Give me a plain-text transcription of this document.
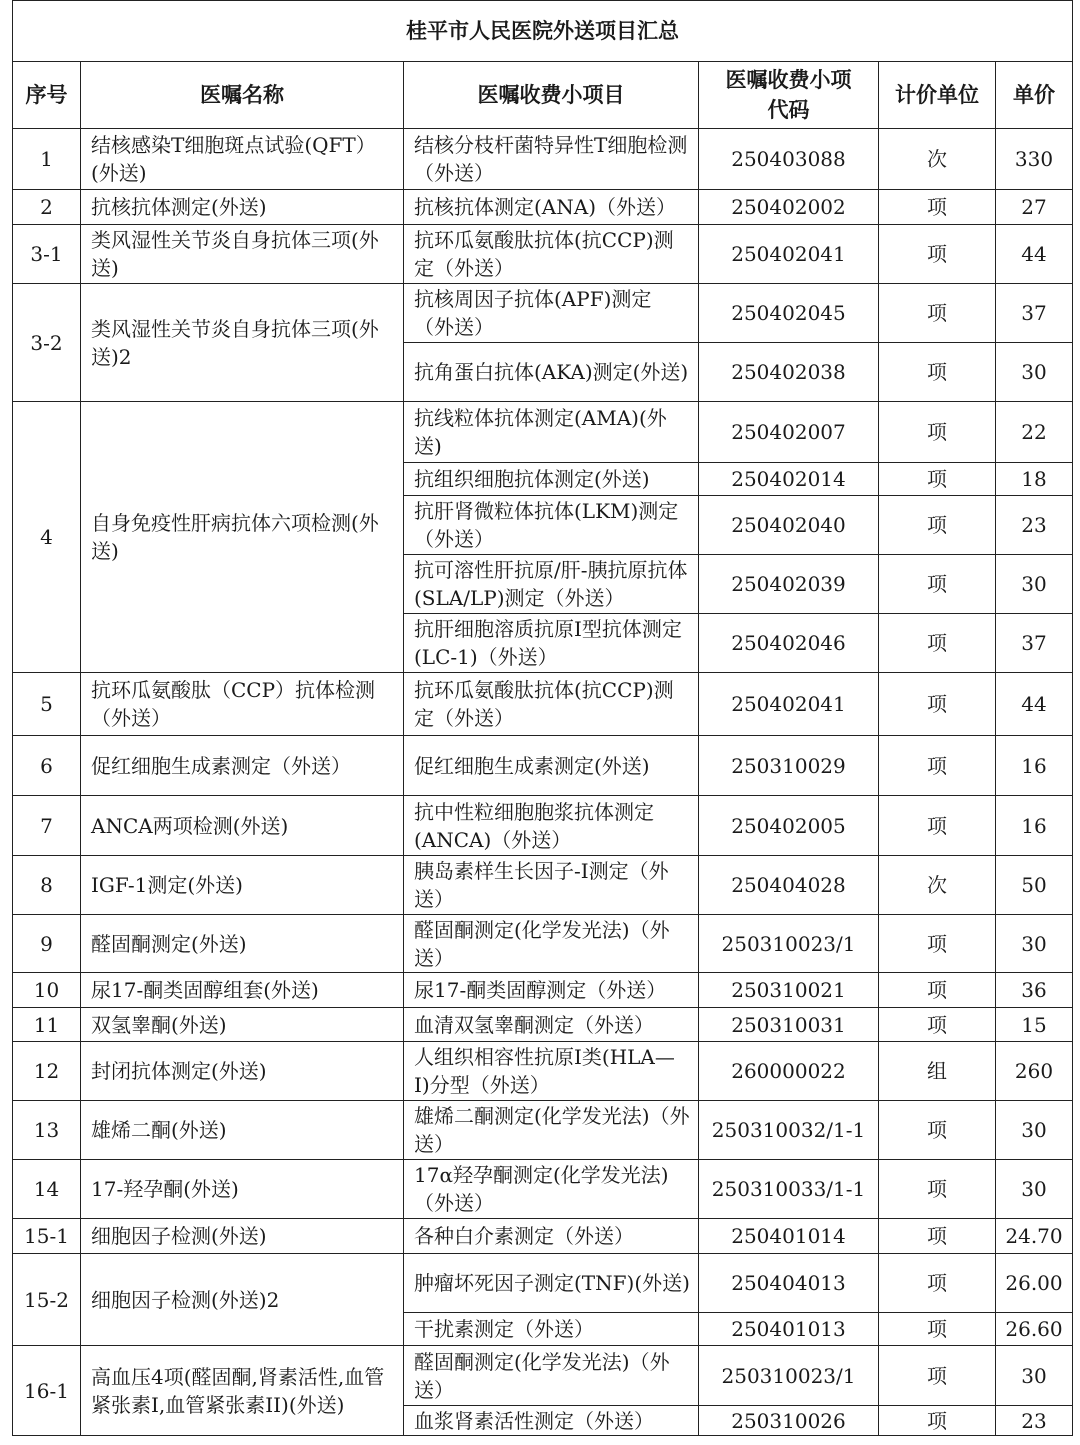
桂平市人民医院外送项目汇总					
序号	医嘱名称	医嘱收费小项目	医嘱收费小项代码	计价单位	单价
1	结核感染T细胞斑点试验(QFT）(外送)	结核分枝杆菌特异性T细胞检测（外送）	250403088	次	330
2	抗核抗体测定(外送)	抗核抗体测定(ANA)（外送）	250402002	项	27
3-1	类风湿性关节炎自身抗体三项(外送)	抗环瓜氨酸肽抗体(抗CCP)测定（外送）	250402041	项	44
3-2	类风湿性关节炎自身抗体三项(外送)2	抗核周因子抗体(APF)测定（外送）	250402045	项	37
		抗角蛋白抗体(AKA)测定(外送)	250402038	项	30
4	自身免疫性肝病抗体六项检测(外送)	抗线粒体抗体测定(AMA)(外送)	250402007	项	22
		抗组织细胞抗体测定(外送)	250402014	项	18
		抗肝肾微粒体抗体(LKM)测定（外送）	250402040	项	23
		抗可溶性肝抗原/肝-胰抗原抗体(SLA/LP)测定（外送）	250402039	项	30
		抗肝细胞溶质抗原Ⅰ型抗体测定(LC-1)（外送）	250402046	项	37
5	抗环瓜氨酸肽（CCP）抗体检测（外送）	抗环瓜氨酸肽抗体(抗CCP)测定（外送）	250402041	项	44
6	促红细胞生成素测定（外送）	促红细胞生成素测定(外送)	250310029	项	16
7	ANCA两项检测(外送)	抗中性粒细胞胞浆抗体测定(ANCA)（外送）	250402005	项	16
8	IGF-1测定(外送)	胰岛素样生长因子-Ⅰ测定（外送）	250404028	次	50
9	醛固酮测定(外送)	醛固酮测定(化学发光法)（外送）	250310023/1	项	30
10	尿17-酮类固醇组套(外送)	尿17-酮类固醇测定（外送）	250310021	项	36
11	双氢睾酮(外送)	血清双氢睾酮测定（外送）	250310031	项	15
12	封闭抗体测定(外送)	人组织相容性抗原Ⅰ类(HLA—Ⅰ)分型（外送）	260000022	组	260
13	雄烯二酮(外送)	雄烯二酮测定(化学发光法)（外送）	250310032/1-1	项	30
14	17-羟孕酮(外送)	17α羟孕酮测定(化学发光法)（外送）	250310033/1-1	项	30
15-1	细胞因子检测(外送)	各种白介素测定（外送）	250401014	项	24.70
15-2	细胞因子检测(外送)2	肿瘤坏死因子测定(TNF)(外送)	250404013	项	26.00
		干扰素测定（外送）	250401013	项	26.60
16-1	高血压4项(醛固酮,肾素活性,血管紧张素I,血管紧张素II)(外送)	醛固酮测定(化学发光法)（外送）	250310023/1	项	30
		血浆肾素活性测定（外送）	250310026	项	23
